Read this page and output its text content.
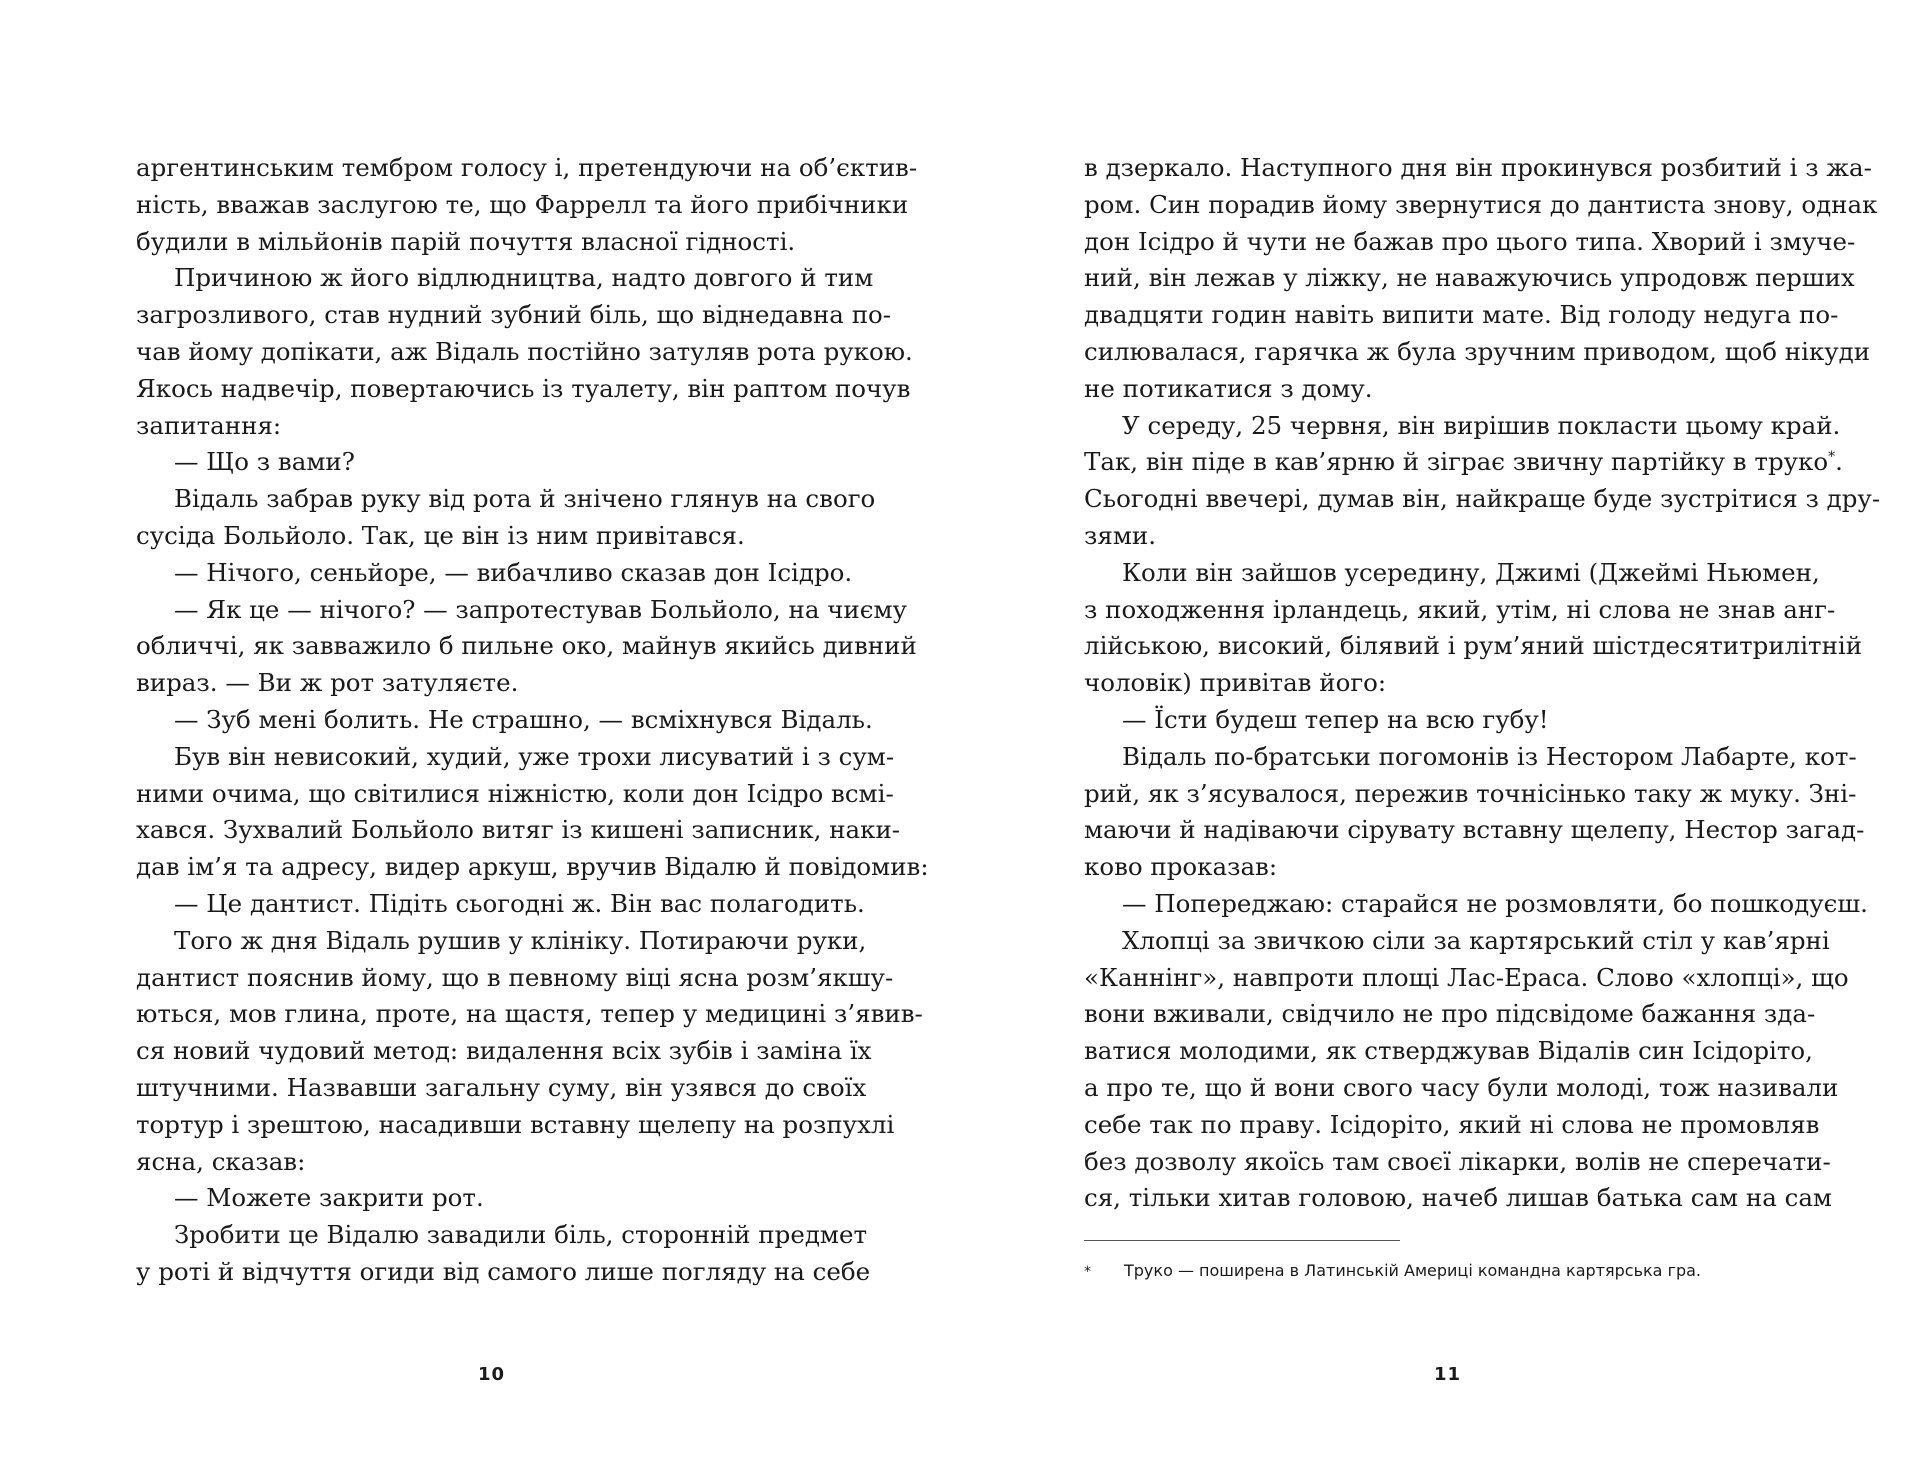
аргентинським тембром голосу і, претендуючи на об’єктив-
ність, вважав заслугою те, що Фаррелл та його прибічники
будили в мільйонів парій почуття власної гідності.
Причиною ж його відлюдництва, надто довгого й тим
загрозливого, став нудний зубний біль, що віднедавна по-
чав йому допікати, аж Відаль постійно затуляв рота рукою.
Якось надвечір, повертаючись із туалету, він раптом почув
запитання:
— Що з вами?
Відаль забрав руку від рота й знічено глянув на свого
сусіда Больйоло. Так, це він із ним привітався.
— Нічого, сеньйоре, — вибачливо сказав дон Ісідро.
— Як це — нічого? — запротестував Больйоло, на чиєму
обличчі, як завважило б пильне око, майнув якийсь дивний
вираз. — Ви ж рот затуляєте.
— Зуб мені болить. Не страшно, — всміхнувся Відаль.
Був він невисокий, худий, уже трохи лисуватий і з сум-
ними очима, що світилися ніжністю, коли дон Ісідро всмі-
хався. Зухвалий Больйоло витяг із кишені записник, наки-
дав ім’я та адресу, видер аркуш, вручив Відалю й повідомив:
— Це дантист. Підіть сьогодні ж. Він вас полагодить.
Того ж дня Відаль рушив у клініку. Потираючи руки,
дантист пояснив йому, що в певному віці ясна розм’якшу-
ються, мов глина, проте, на щастя, тепер у медицині з’явив-
ся новий чудовий метод: видалення всіх зубів і заміна їх
штучними. Назвавши загальну суму, він узявся до своїх
тортур і зрештою, насадивши вставну щелепу на розпухлі
ясна, сказав:
— Можете закрити рот.
Зробити це Відалю завадили біль, сторонній предмет
у роті й відчуття огиди від самого лише погляду на себе
10
в дзеркало. Наступного дня він прокинувся розбитий і з жа-
ром. Син порадив йому звернутися до дантиста знову, однак
дон Ісідро й чути не бажав про цього типа. Хворий і змуче-
ний, він лежав у ліжку, не наважуючись упродовж перших
двадцяти годин навіть випити мате. Від голоду недуга по-
силювалася, гарячка ж була зручним приводом, щоб нікуди
не потикатися з дому.
У середу, 25 червня, він вирішив покласти цьому край.
Так, він піде в кав’ярню й зіграє звичну партійку в труко*.
Сьогодні ввечері, думав він, найкраще буде зустрітися з дру-
зями.
Коли він зайшов усередину, Джимі (Джеймі Ньюмен,
з походження ірландець, який, утім, ні слова не знав анг-
лійською, високий, білявий і рум’яний шістдесятитрилітній
чоловік) привітав його:
— Їсти будеш тепер на всю губу!
Відаль по-братськи погомонів із Нестором Лабарте, кот-
рий, як з’ясувалося, пережив точнісінько таку ж муку. Зні-
маючи й надіваючи сіруватy вставну щелепу, Нестор загад-
ково проказав:
— Попереджаю: старайся не розмовляти, бо пошкодуєш.
Хлопці за звичкою сіли за картярський стіл у кав’ярні
«Каннінг», навпроти площі Лас-Ераса. Слово «хлопці», що
вони вживали, свідчило не про підсвідоме бажання зда-
ватися молодими, як стверджував Відалів син Ісідоріто,
а про те, що й вони свого часу були молоді, тож називали
себе так по праву. Ісідоріто, який ні слова не промовляв
без дозволу якоїсь там своєї лікарки, волів не сперечати-
ся, тільки хитав головою, начеб лишав батька сам на сам
* Труко — поширена в Латинській Америці командна картярська гра.
11
